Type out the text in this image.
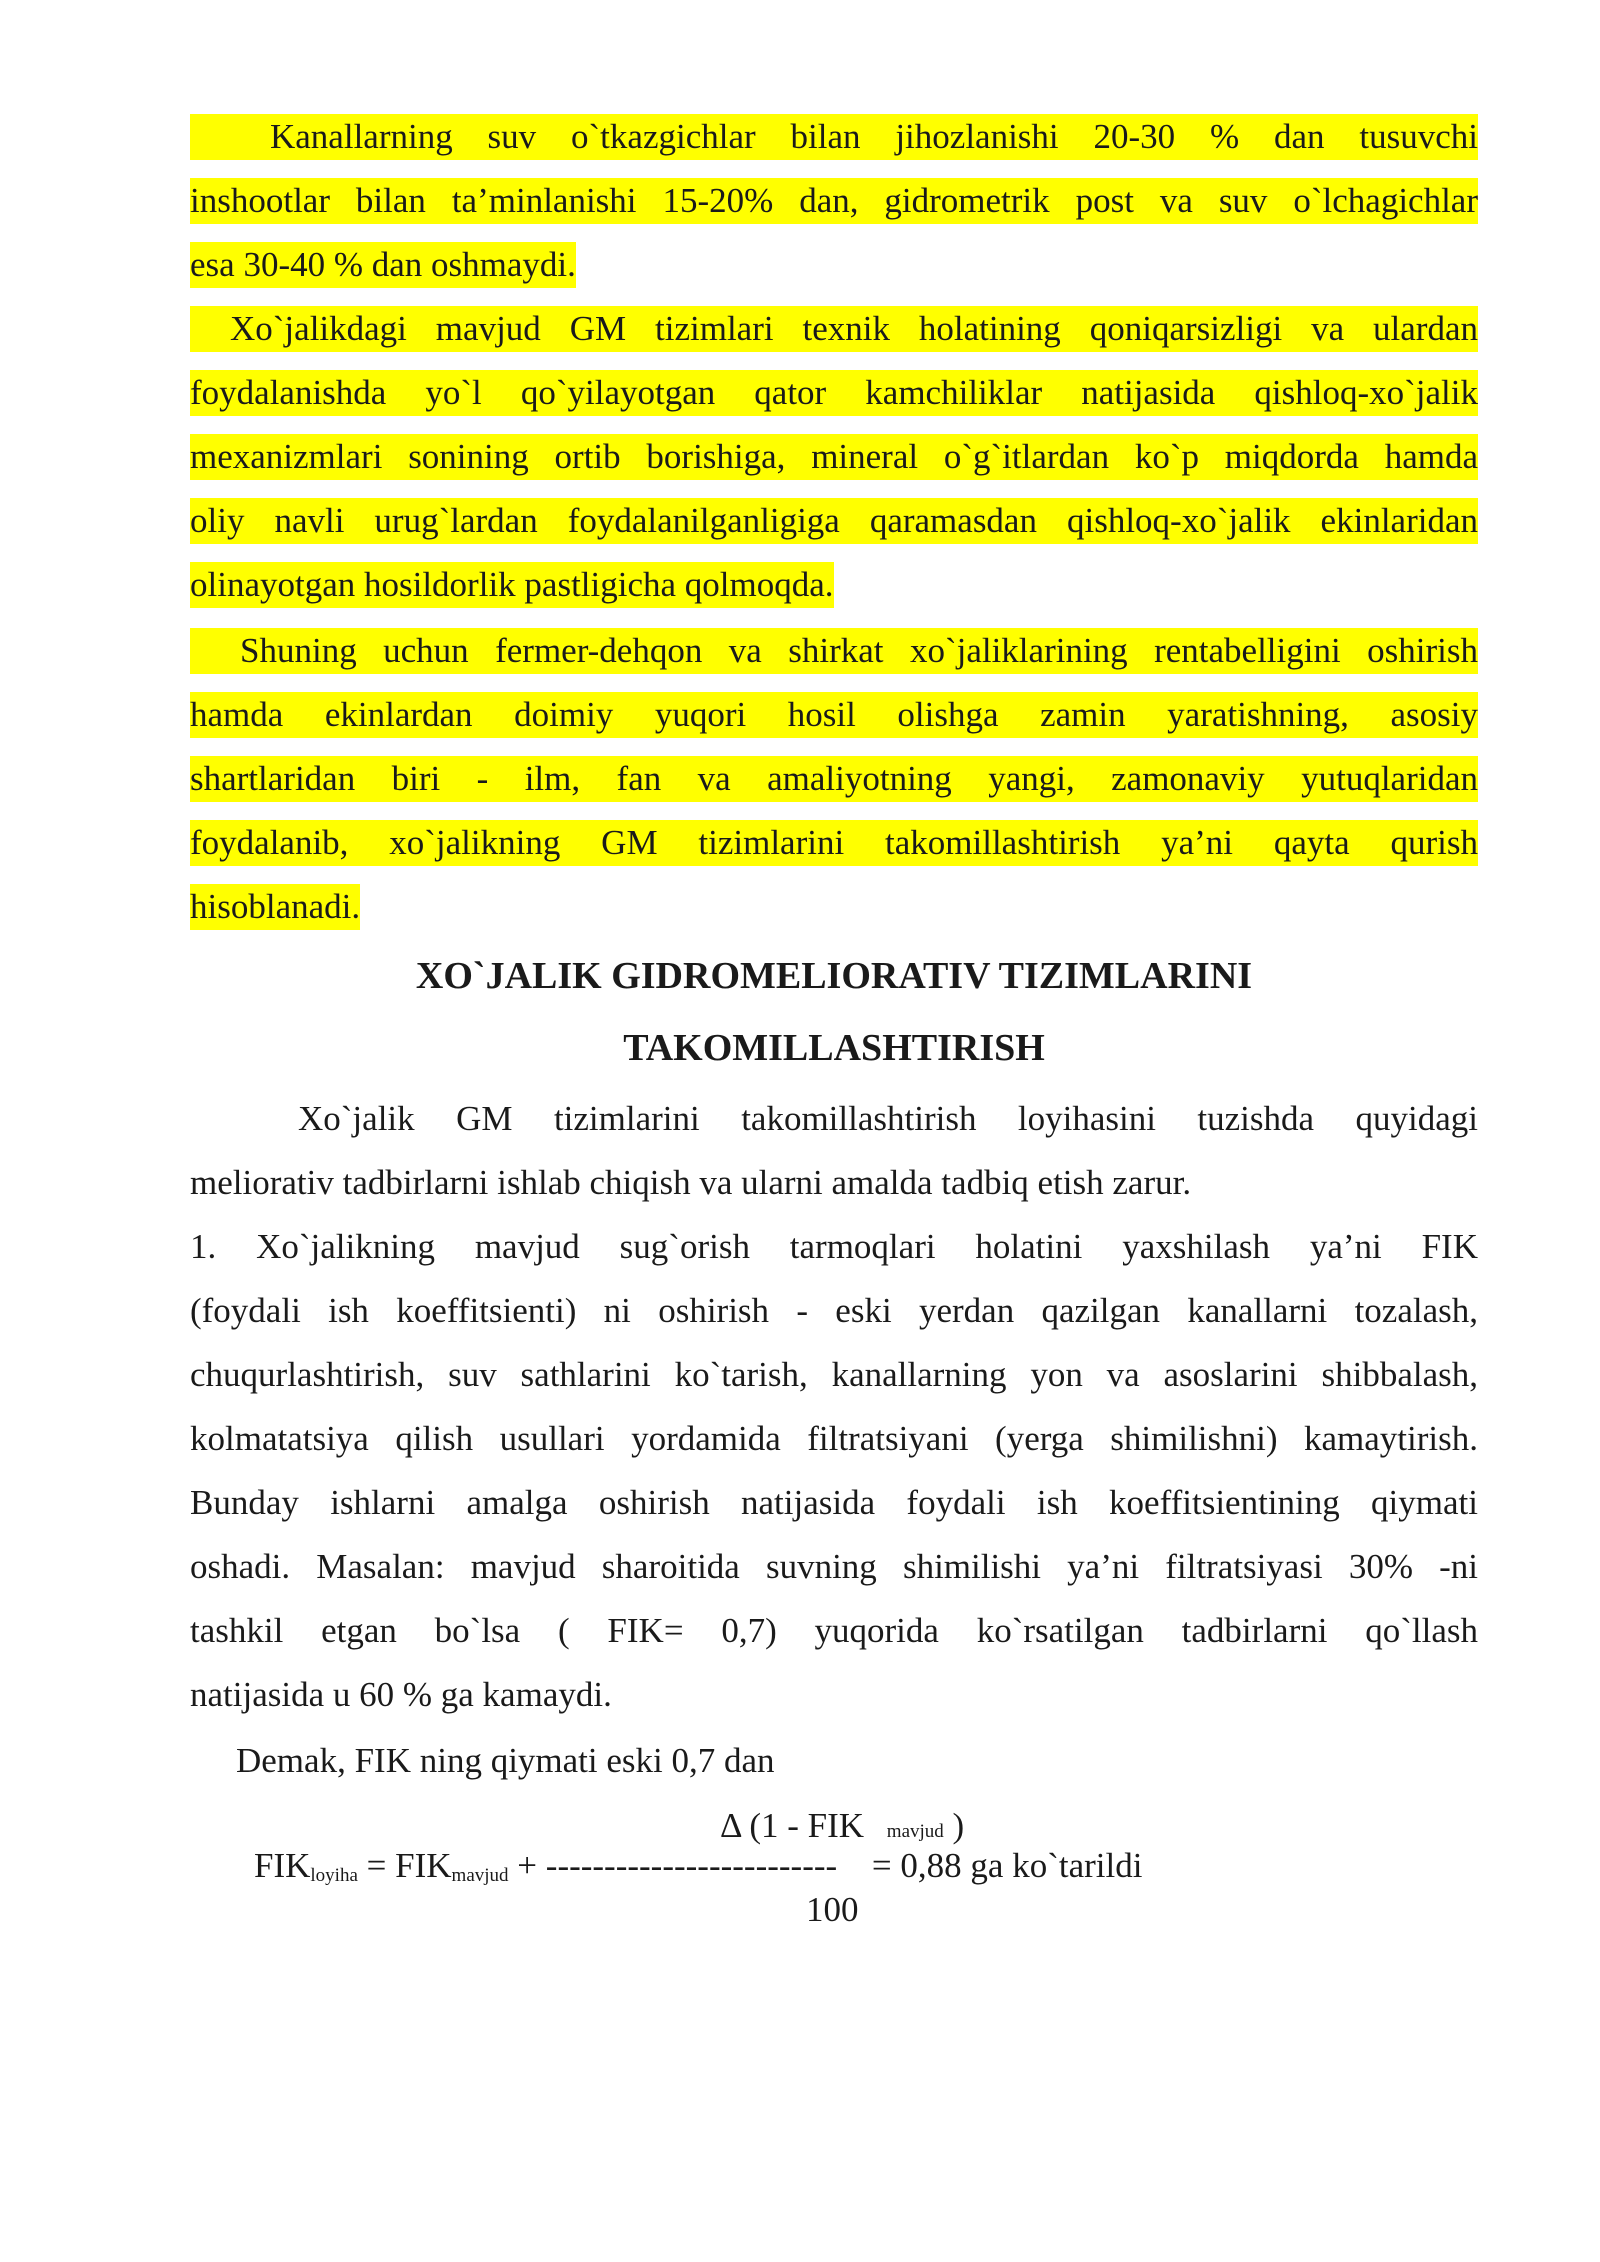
Kanallarning suv o`tkazgichlar bilan jihozlanishi 20-30 % dan tusuvchi
inshootlar bilan ta’minlanishi 15-20% dan, gidrometrik post va suv o`lchagichlar
esa 30-40 % dan oshmaydi.
Xo`jalikdagi mavjud GM tizimlari texnik holatining qoniqarsizligi va ulardan
foydalanishda yo`l qo`yilayotgan qator kamchiliklar natijasida qishloq-xo`jalik
mexanizmlari sonining ortib borishiga, mineral o`g`itlardan ko`p miqdorda hamda
oliy navli urug`lardan foydalanilganligiga qaramasdan qishloq-xo`jalik ekinlaridan
olinayotgan hosildorlik pastligicha qolmoqda.
Shuning uchun fermer-dehqon va shirkat xo`jaliklarining rentabelligini oshirish
hamda ekinlardan doimiy yuqori hosil olishga zamin yaratishning, asosiy
shartlaridan biri - ilm, fan va amaliyotning yangi, zamonaviy yutuqlaridan
foydalanib, xo`jalikning GM tizimlarini takomillashtirish ya’ni qayta qurish
hisoblanadi.
XO`JALIK GIDROMELIORATIV TIZIMLARINI
TAKOMILLASHTIRISH
Xo`jalik GM tizimlarini takomillashtirish loyihasini tuzishda quyidagi
meliorativ tadbirlarni ishlab chiqish va ularni amalda tadbiq etish zarur.
1. Xo`jalikning mavjud sug`orish tarmoqlari holatini yaxshilash ya’ni FIK
(foydali ish koeffitsienti) ni oshirish - eski yerdan qazilgan kanallarni tozalash,
chuqurlashtirish, suv sathlarini ko`tarish, kanallarning yon va asoslarini shibbalash,
kolmatatsiya qilish usullari yordamida filtratsiyani (yerga shimilishni) kamaytirish.
Bunday ishlarni amalga oshirish natijasida foydali ish koeffitsientining qiymati
oshadi. Masalan: mavjud sharoitida suvning shimilishi ya’ni filtratsiyasi 30% -ni
tashkil etgan bo`lsa ( FIK= 0,7) yuqorida ko`rsatilgan tadbirlarni qo`llash
natijasida u 60 % ga kamaydi.
Demak, FIK ning qiymati eski 0,7 dan
Δ (1 - FIK mavjud )
$FIK_{loyiha} = FIK_{mavjud}$ + ------------------------- = 0,88 ga ko`tarildi
100
